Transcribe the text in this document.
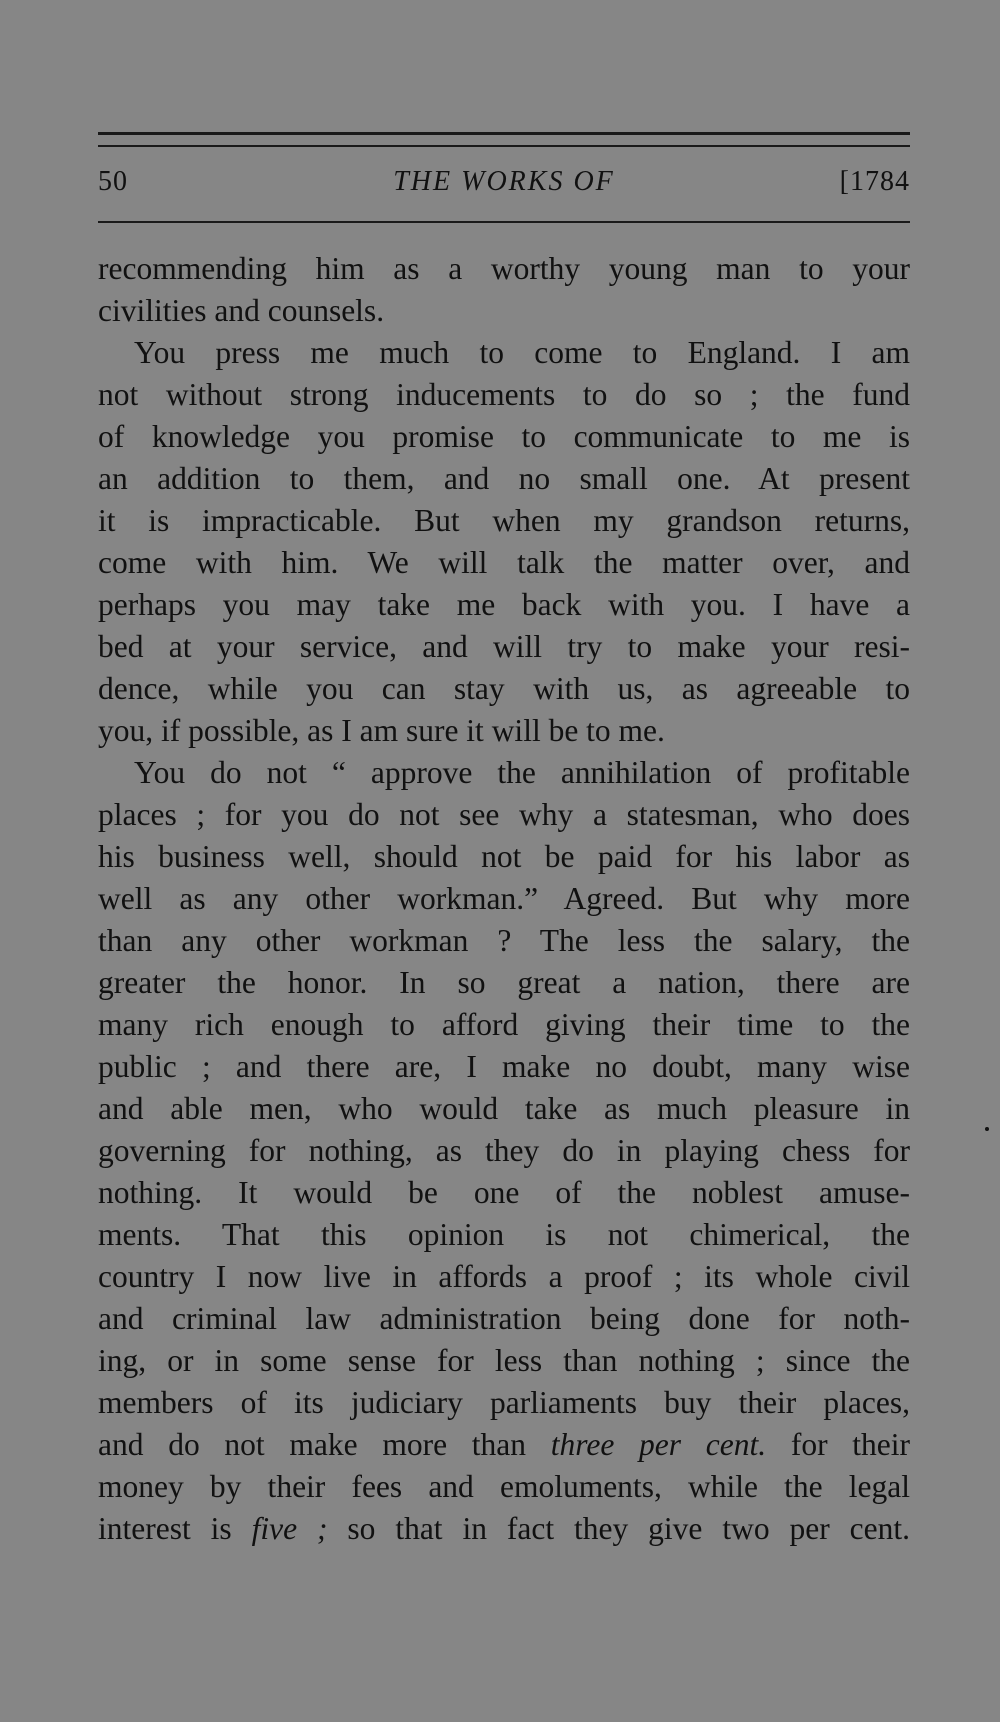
50	THE WORKS OF	[1784
recommending him as a worthy young man to your
civilities and counsels.
You press me much to come to England. I am
not without strong inducements to do so ; the fund
of knowledge you promise to communicate to me is
an addition to them, and no small one. At present
it is impracticable. But when my grandson returns,
come with him. We will talk the matter over, and
perhaps you may take me back with you. I have a
bed at your service, and will try to make your resi-
dence, while you can stay with us, as agreeable to
you, if possible, as I am sure it will be to me.
You do not “ approve the annihilation of profitable
places ; for you do not see why a statesman, who does
his business well, should not be paid for his labor as
well as any other workman.” Agreed. But why more
than any other workman ? The less the salary, the
greater the honor. In so great a nation, there are
many rich enough to afford giving their time to the
public ; and there are, I make no doubt, many wise
and able men, who would take as much pleasure in
governing for nothing, as they do in playing chess for
nothing. It would be one of the noblest amuse-
ments. That this opinion is not chimerical, the
country I now live in affords a proof ; its whole civil
and criminal law administration being done for noth-
ing, or in some sense for less than nothing ; since the
members of its judiciary parliaments buy their places,
and do not make more than three per cent. for their
money by their fees and emoluments, while the legal
interest is five ; so that in fact they give two per cent.
